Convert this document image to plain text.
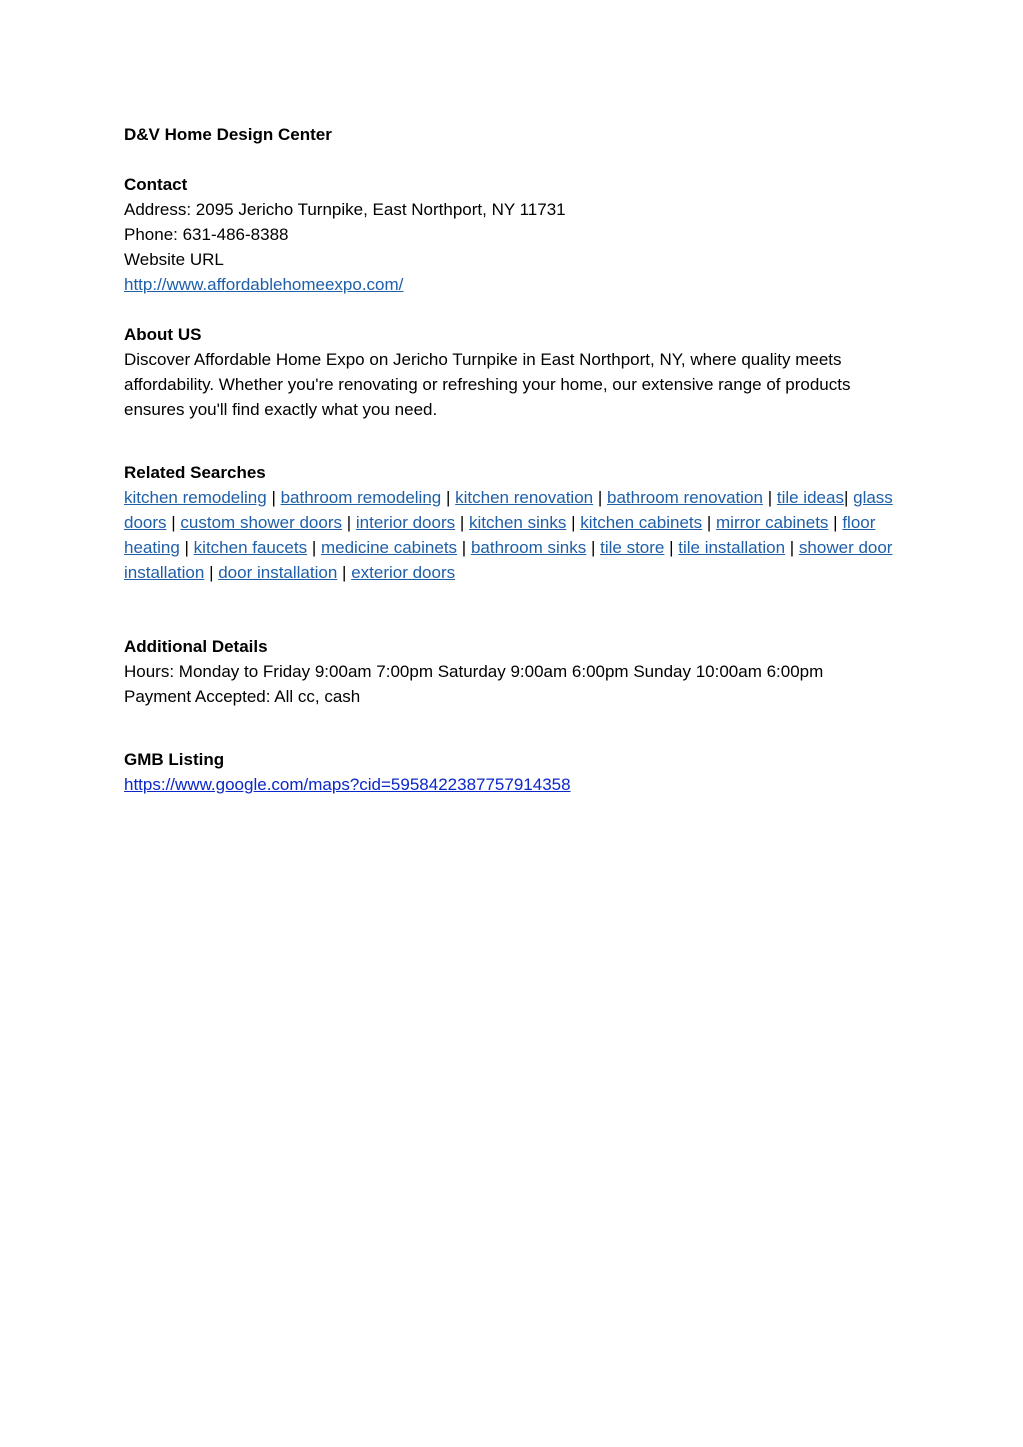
D&V Home Design Center

Contact

Address: 2095 Jericho Turnpike, East Northport, NY 11731

Phone: 631-486-8388

Website URL

http://www.affordablehomeexpo.com/

About US

Discover Affordable Home Expo on Jericho Turnpike in East Northport, NY, where quality meets affordability. Whether you're renovating or refreshing your home, our extensive range of products ensures you'll find exactly what you need.

Related Searches

kitchen remodeling | bathroom remodeling | kitchen renovation | bathroom renovation | tile ideas| glass doors | custom shower doors | interior doors | kitchen sinks | kitchen cabinets | mirror cabinets | floor heating | kitchen faucets | medicine cabinets | bathroom sinks | tile store | tile installation | shower door installation | door installation | exterior doors

Additional Details

Hours: Monday to Friday 9:00am 7:00pm Saturday 9:00am 6:00pm Sunday 10:00am 6:00pm

Payment Accepted: All cc, cash

GMB Listing

https://www.google.com/maps?cid=5958422387757914358
